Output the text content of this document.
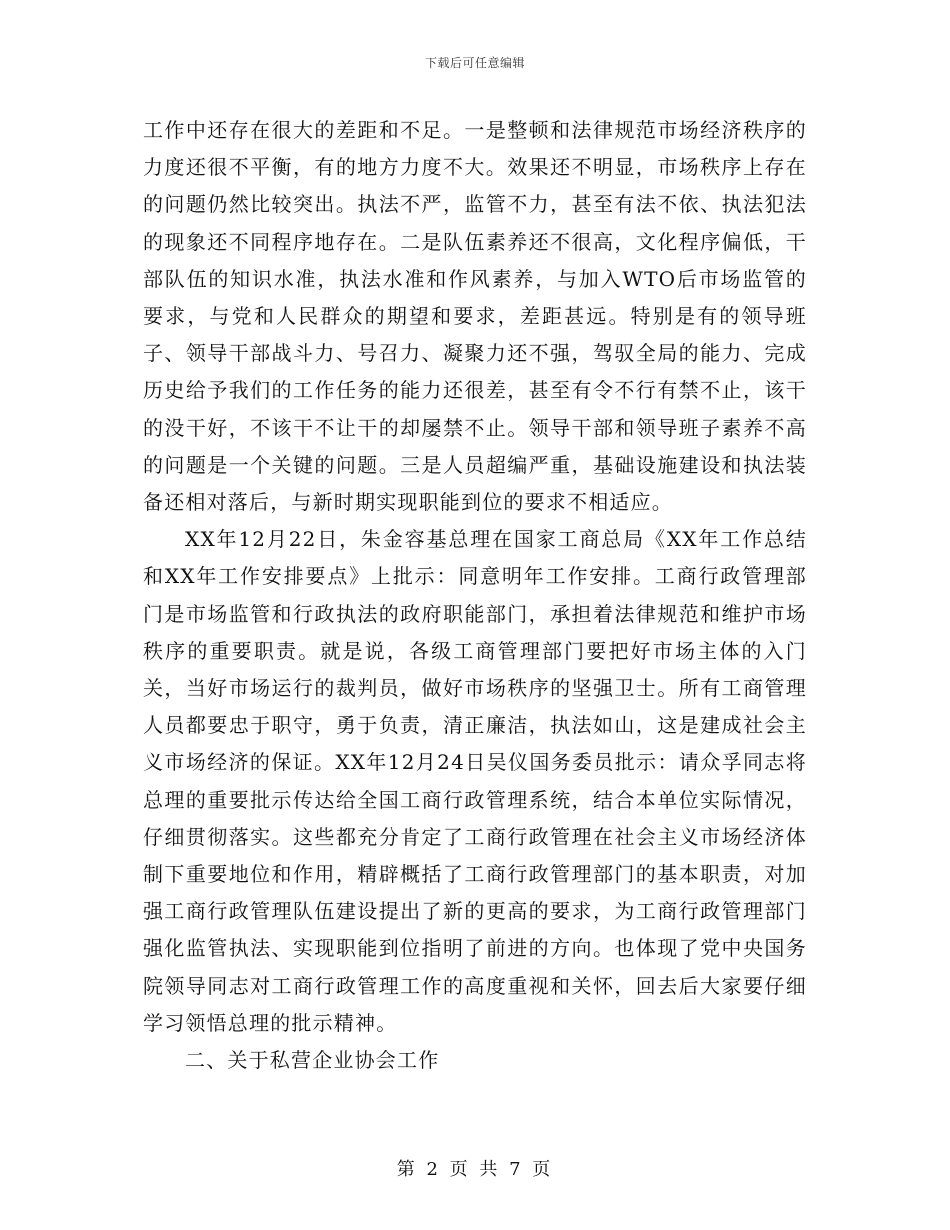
下载后可任意编辑

工作中还存在很大的差距和不足。一是整顿和法律规范市场经济秩序的力度还很不平衡，有的地方力度不大。效果还不明显，市场秩序上存在的问题仍然比较突出。执法不严，监管不力，甚至有法不依、执法犯法的现象还不同程序地存在。二是队伍素养还不很高，文化程序偏低，干部队伍的知识水准，执法水准和作风素养，与加入WTO后市场监管的要求，与党和人民群众的期望和要求，差距甚远。特别是有的领导班子、领导干部战斗力、号召力、凝聚力还不强，驾驭全局的能力、完成历史给予我们的工作任务的能力还很差，甚至有令不行有禁不止，该干的没干好，不该干不让干的却屡禁不止。领导干部和领导班子素养不高的问题是一个关键的问题。三是人员超编严重，基础设施建设和执法装备还相对落后，与新时期实现职能到位的要求不相适应。

XX年12月22日，朱金容基总理在国家工商总局《XX年工作总结和XX年工作安排要点》上批示：同意明年工作安排。工商行政管理部门是市场监管和行政执法的政府职能部门，承担着法律规范和维护市场秩序的重要职责。就是说，各级工商管理部门要把好市场主体的入门关，当好市场运行的裁判员，做好市场秩序的坚强卫士。所有工商管理人员都要忠于职守，勇于负责，清正廉洁，执法如山，这是建成社会主义市场经济的保证。XX年12月24日吴仪国务委员批示：请众孚同志将总理的重要批示传达给全国工商行政管理系统，结合本单位实际情况，仔细贯彻落实。这些都充分肯定了工商行政管理在社会主义市场经济体制下重要地位和作用，精辟概括了工商行政管理部门的基本职责，对加强工商行政管理队伍建设提出了新的更高的要求，为工商行政管理部门强化监管执法、实现职能到位指明了前进的方向。也体现了党中央国务院领导同志对工商行政管理工作的高度重视和关怀，回去后大家要仔细学习领悟总理的批示精神。

二、关于私营企业协会工作

第 2 页 共 7 页
